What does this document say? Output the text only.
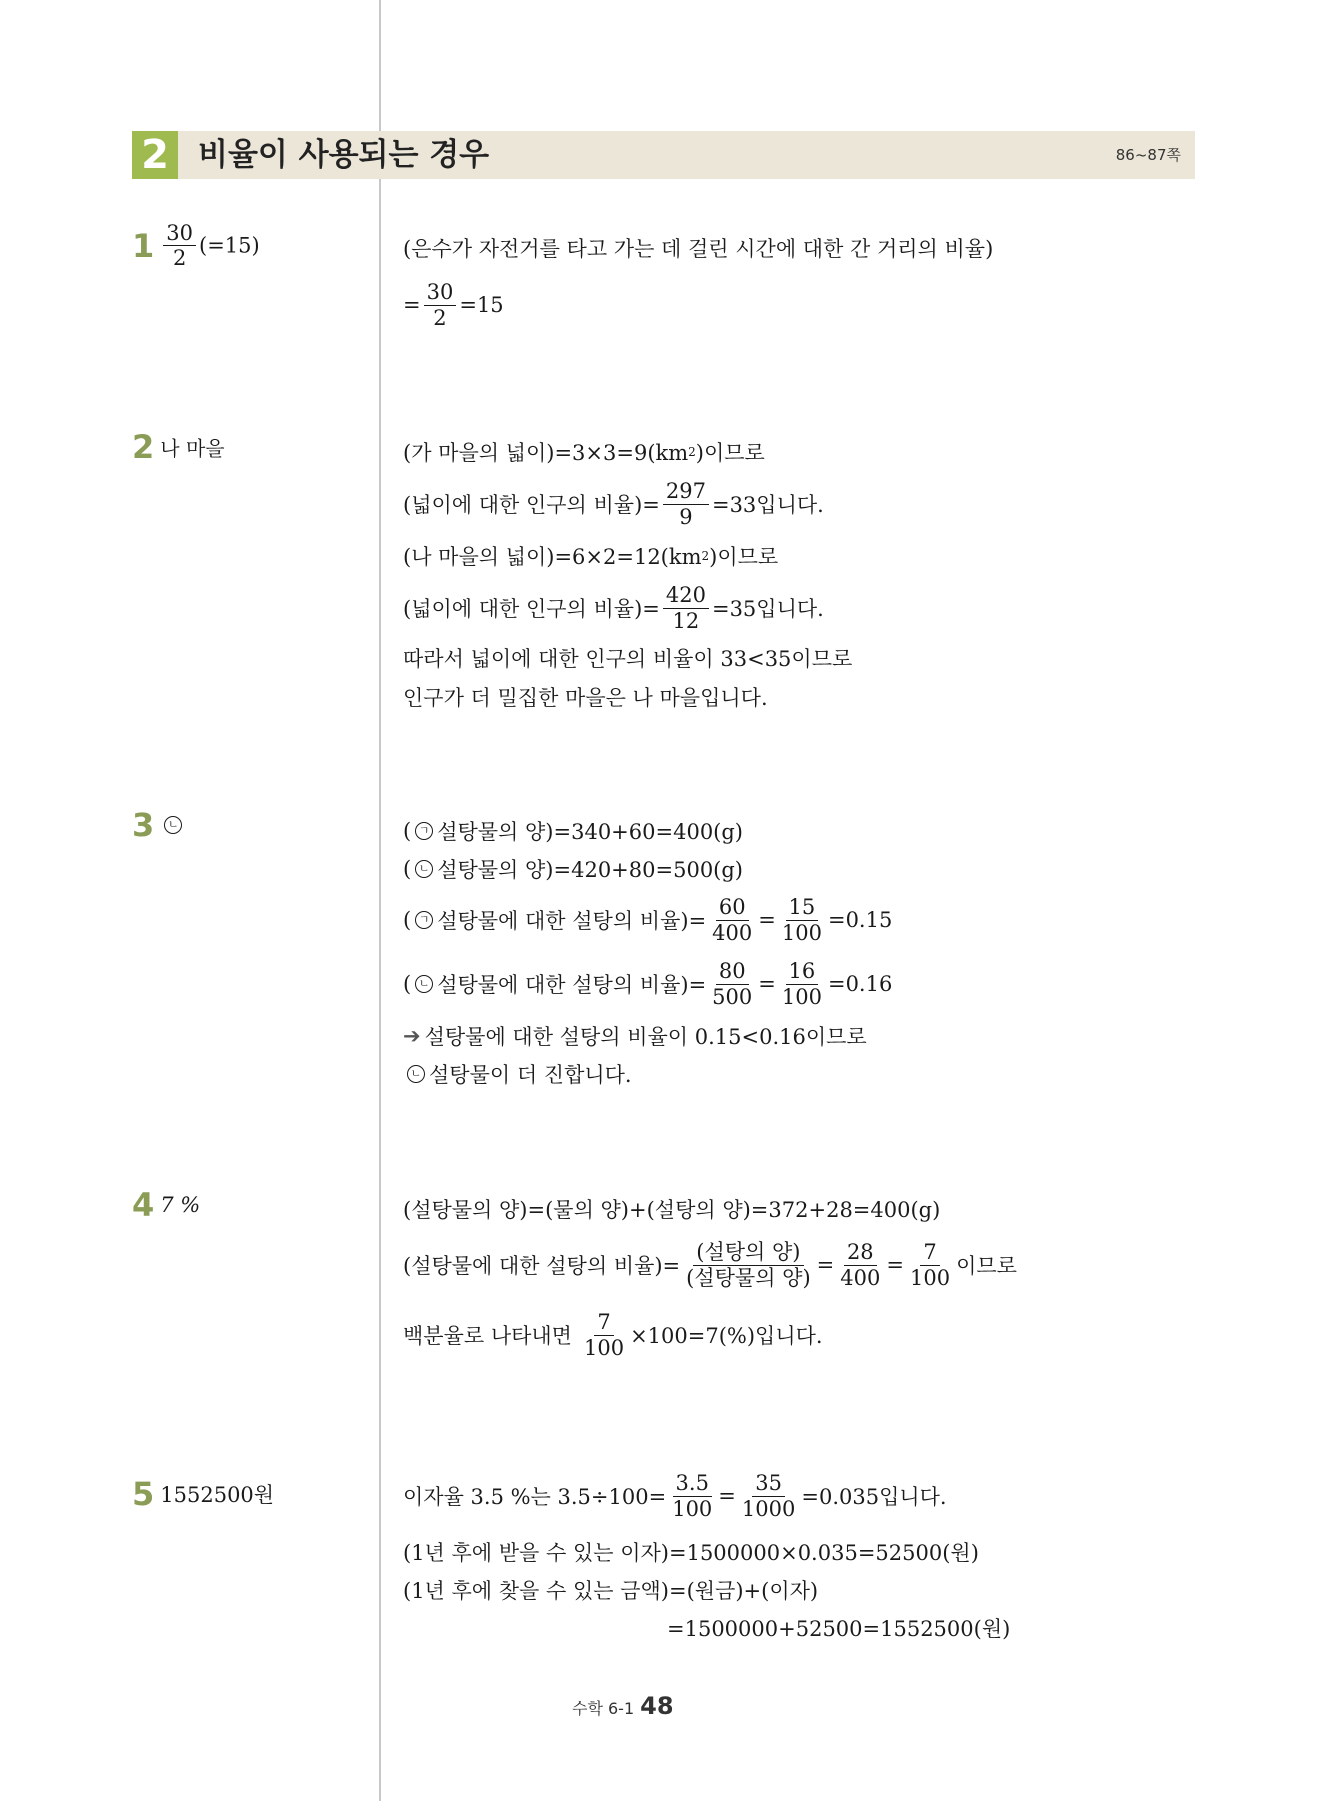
2 비율이 사용되는 경우	86~87쪽
$1 \frac{30}{2} (=15)$	(은수가 자전거를 타고 가는 데 걸린 시간에 대한 간 거리의 비율)
= $\frac{30}{2} =15$
2 나 마을	(가 마을의 넓이)=3×3=9(km 2 )이므로
(넓이에 대한 인구의 비율)= $\frac{297}{9} =33$입니다.
(나 마을의 넓이)=6×2=12(km 2 )이므로
(넓이에 대한 인구의 비율)= $\frac{420}{12} =35$입니다.
따라서 넓이에 대한 인구의 비율이 33<35이므로
인구가 더 밀집한 마을은 나 마을입니다.
3 ㄴ	( ㄱ 설탕물의 양)=340+60=400(g)
( ㄴ 설탕물의 양)=420+80=500(g)
( ㄱ 설탕물에 대한 설탕의 비율)= $\frac{60}{400} = \frac{15}{100} =0.15$
( ㄴ 설탕물에 대한 설탕의 비율)= $\frac{80}{500} = \frac{16}{100} =0.16$
➔ 설탕물에 대한 설탕의 비율이 0.15<0.16이므로
ㄴ 설탕물이 더 진합니다.
4 7 %	(설탕물의 양)=(물의 양)+(설탕의 양)=372+28=400(g)
(설탕물에 대한 설탕의 비율)= $\frac{\text{(설탕의 양)}}{\text{(설탕물의 양)}} = \frac{28}{400} = \frac{7}{100}$ 이므로
백분율로 나타내면 $\frac{7}{100} \times 100=7(\%)$입니다.
5 1552500원	이자율 3.5 %는 $3.5\div 100= \frac{3.5}{100} = \frac{35}{1000} =0.035$입니다.
(1년 후에 받을 수 있는 이자)=1500000×0.035=52500(원)
(1년 후에 찾을 수 있는 금액)=(원금)+(이자)
=1500000+52500=1552500(원)
수학 6-1 48
